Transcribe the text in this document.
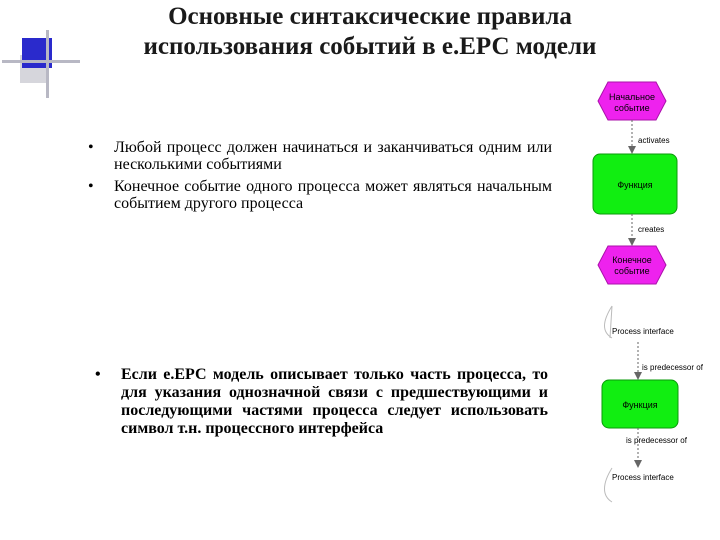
Основные синтаксические правила
использования событий в е.ЕРС модели
• Любой процесс должен начинаться и заканчиваться одним или несколькими событиями
• Конечное событие одного процесса может являться начальным событием другого процесса
• Если е.ЕРС модель описывает только часть процесса, то для указания однозначной связи с предшествующими и последующими частями процесса следует использовать символ т.н. процессного интерфейса
Начальное
событие
activates
Функция
creates
Конечное
событие
Process interface
is predecessor of
Функция
is predecessor of
Process interface
